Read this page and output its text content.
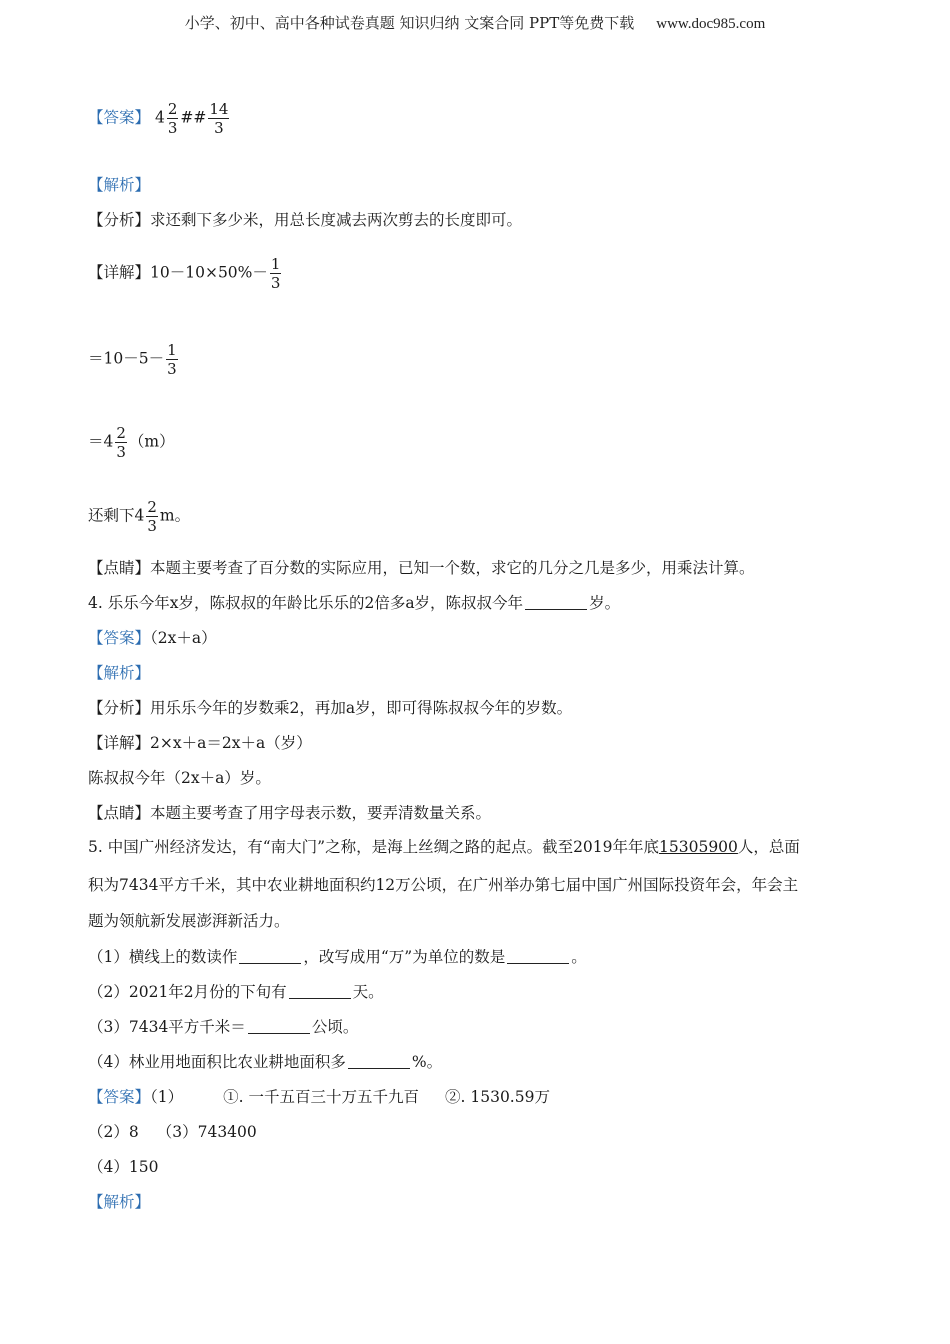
小学、初中、高中各种试卷真题 知识归纳 文案合同 PPT等免费下载 www.doc985.com
【答案】 $4 \frac{2}{3}$ ## $\frac{14}{3}$
【解析】
【分析】求还剩下多少米，用总长度减去两次剪去的长度即可。
【详解】$10-10\times 50\%- \frac{1}{3}$
$=10-5- \frac{1}{3}$
$=4 \frac{2}{3} (m)$
还剩下$4 \frac{2}{3}$ m。
【点睛】本题主要考查了百分数的实际应用，已知一个数，求它的几分之几是多少，用乘法计算。
4. 乐乐今年x岁，陈叔叔的年龄比乐乐的2倍多a岁，陈叔叔今年	岁。
【答案】（2x＋a）
【解析】
【分析】用乐乐今年的岁数乘2，再加a岁，即可得陈叔叔今年的岁数。
【详解】2×x＋a＝2x＋a（岁）
陈叔叔今年（2x＋a）岁。
【点睛】本题主要考查了用字母表示数，要弄清数量关系。
5. 中国广州经济发达，有“南大门”之称，是海上丝绸之路的起点。截至2019年年底15305900人，总面
积为7434平方千米，其中农业耕地面积约12万公顷，在广州举办第七届中国广州国际投资年会，年会主
题为领航新发展澎湃新活力。
（1）横线上的数读作	，改写成用“万”为单位的数是	。
（2）2021年2月份的下旬有	天。
（3）7434平方千米＝	公顷。
（4）林业用地面积比农业耕地面积多	%。
【答案】（1）	①. 一千五百三十万五千九百 ②. 1530.59万
（2）8 （3）743400
（4）150
【解析】
